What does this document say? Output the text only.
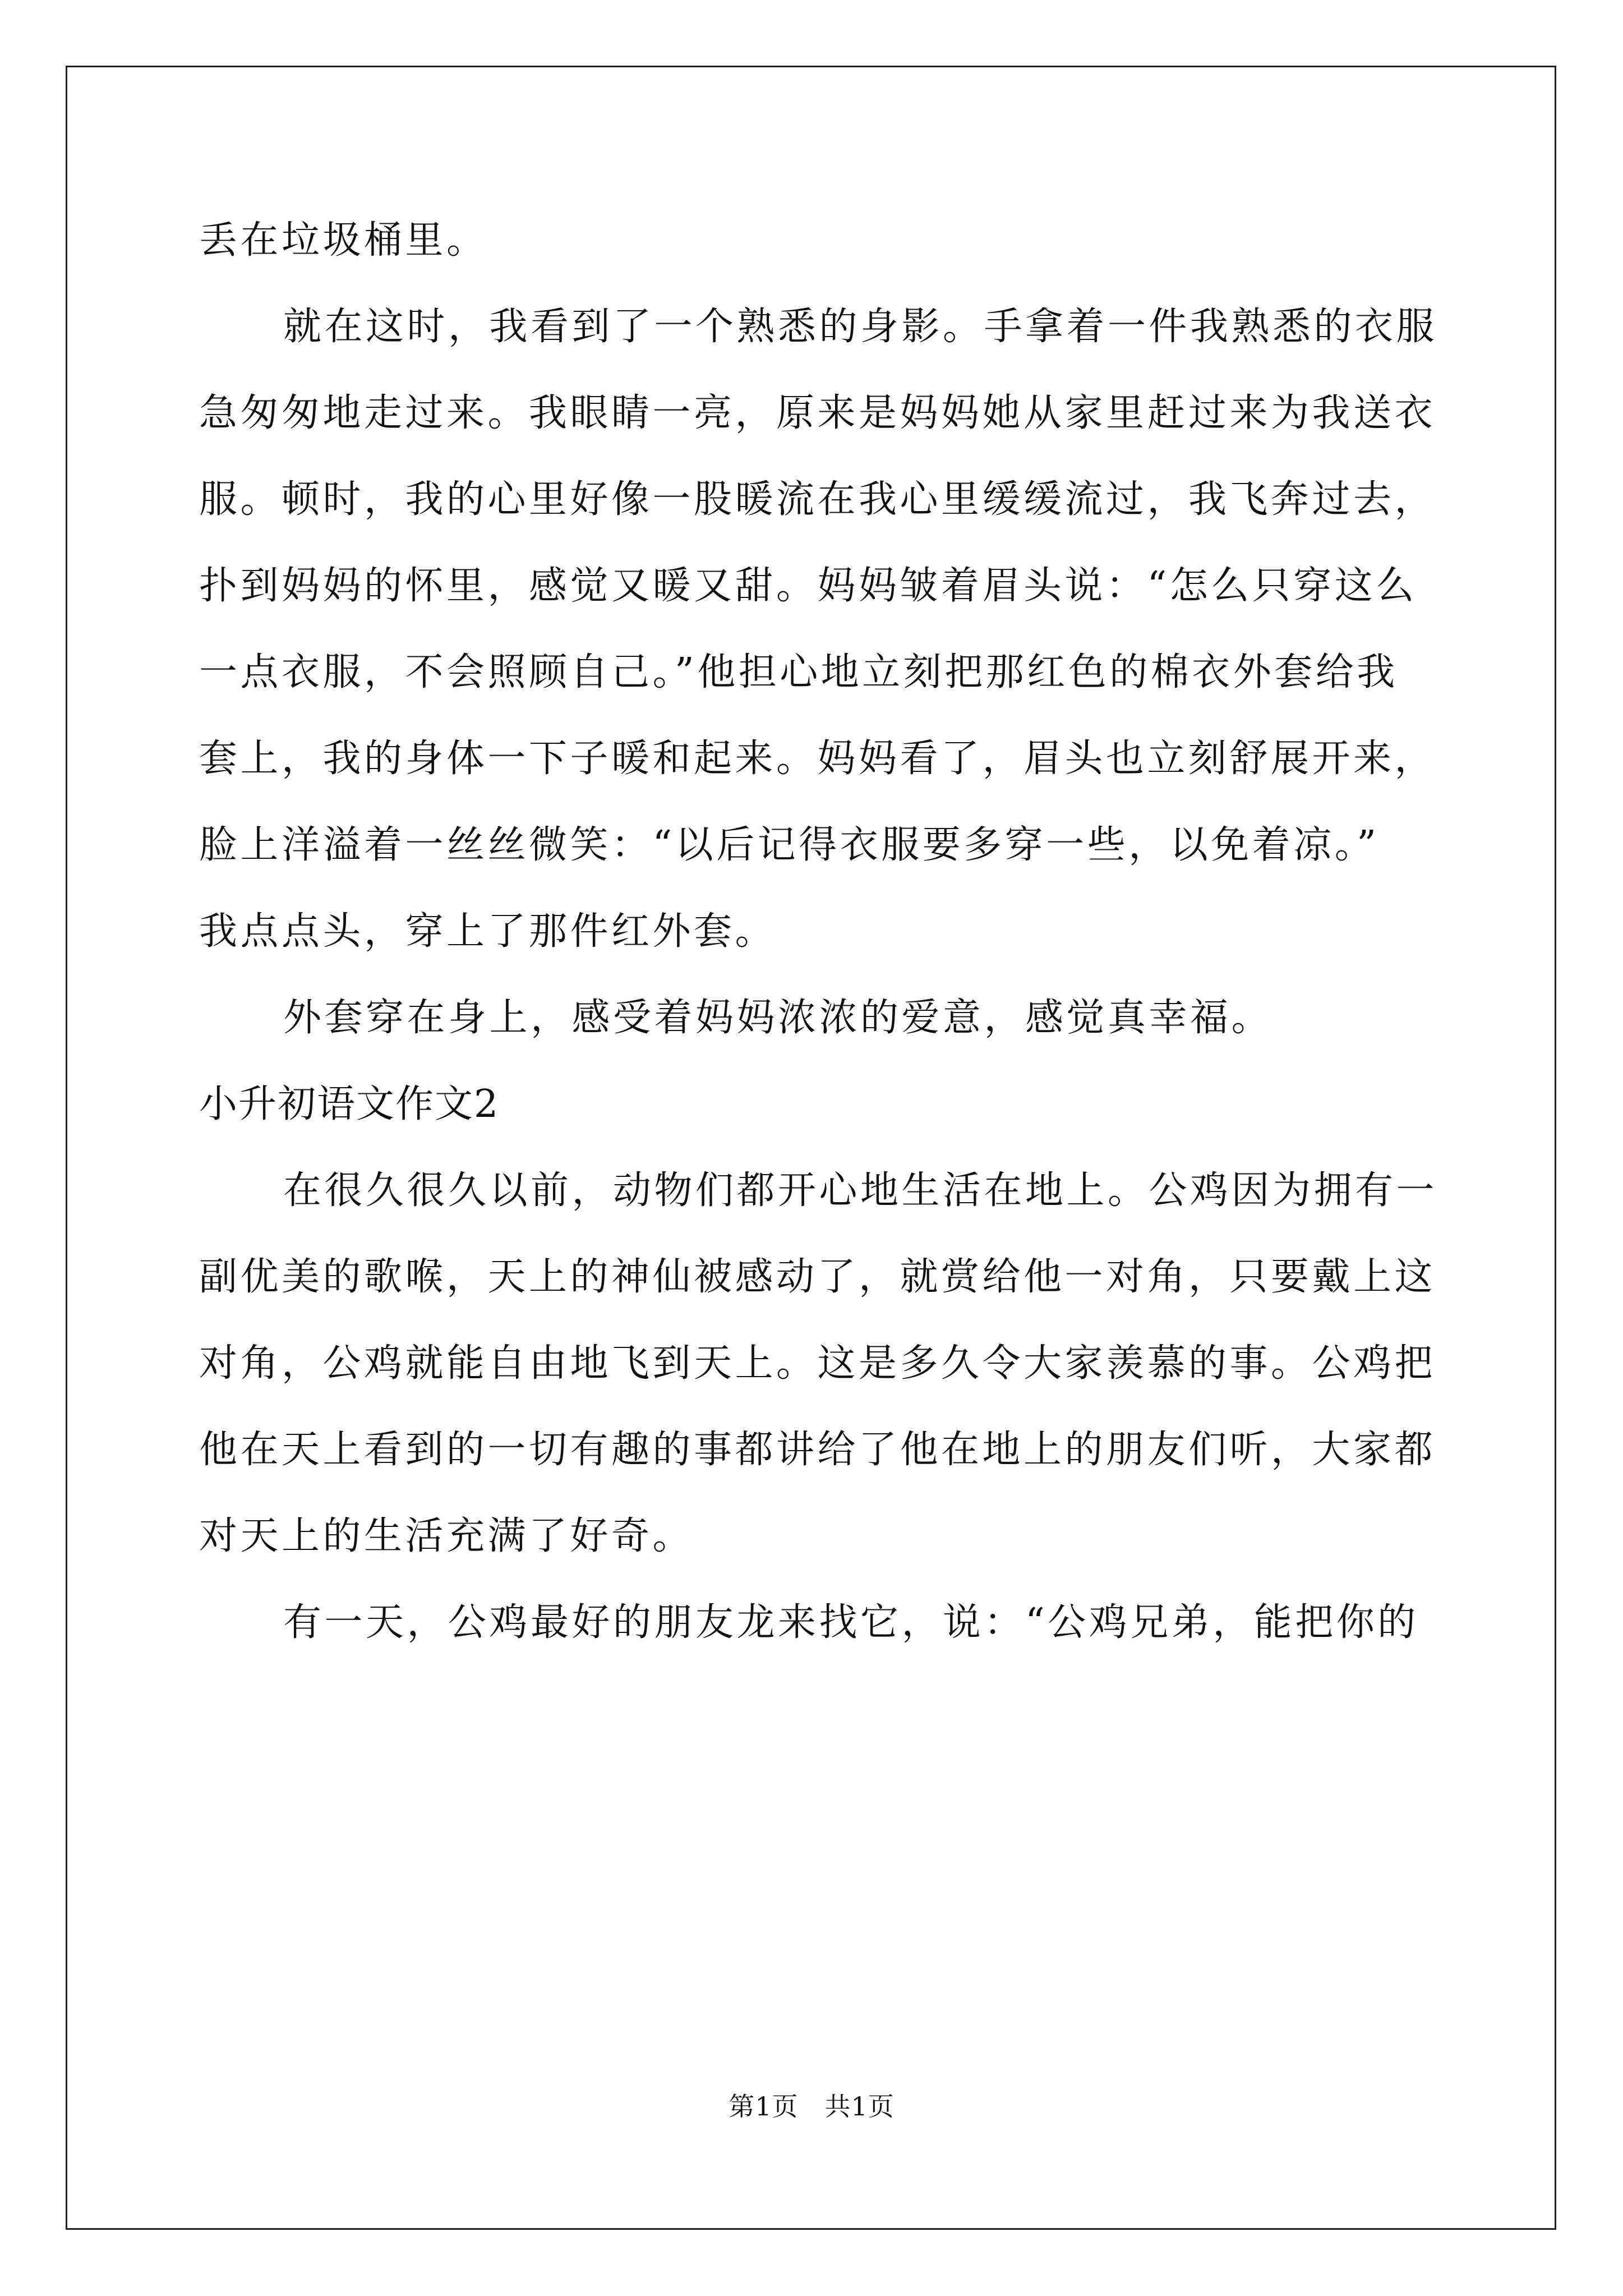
丢在垃圾桶里。
就在这时，我看到了一个熟悉的身影。手拿着一件我熟悉的衣服
急匆匆地走过来。我眼睛一亮，原来是妈妈她从家里赶过来为我送衣
服。顿时，我的心里好像一股暖流在我心里缓缓流过，我飞奔过去，
扑到妈妈的怀里，感觉又暖又甜。妈妈皱着眉头说：“怎么只穿这么
一点衣服，不会照顾自己。”他担心地立刻把那红色的棉衣外套给我
套上，我的身体一下子暖和起来。妈妈看了，眉头也立刻舒展开来，
脸上洋溢着一丝丝微笑：“以后记得衣服要多穿一些，以免着凉。”
我点点头，穿上了那件红外套。
外套穿在身上，感受着妈妈浓浓的爱意，感觉真幸福。
小升初语文作文2
在很久很久以前，动物们都开心地生活在地上。公鸡因为拥有一
副优美的歌喉，天上的神仙被感动了，就赏给他一对角，只要戴上这
对角，公鸡就能自由地飞到天上。这是多久令大家羡慕的事。公鸡把
他在天上看到的一切有趣的事都讲给了他在地上的朋友们听，大家都
对天上的生活充满了好奇。
有一天，公鸡最好的朋友龙来找它，说：“公鸡兄弟，能把你的
第1页　共1页
